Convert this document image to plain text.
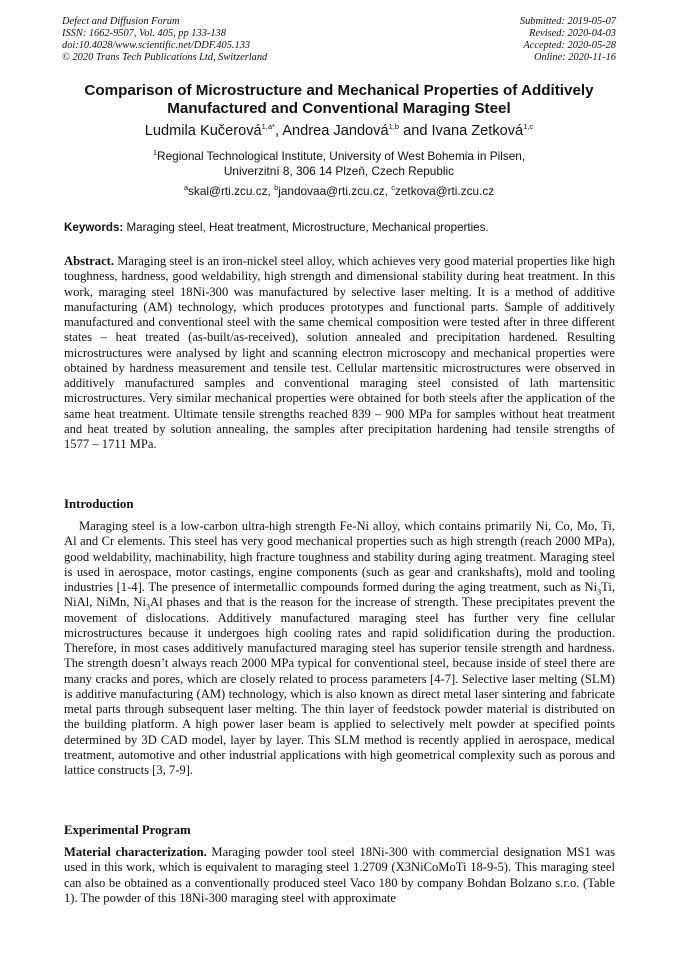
Defect and Diffusion Forum
ISSN: 1662-9507, Vol. 405, pp 133-138
doi:10.4028/www.scientific.net/DDF.405.133
© 2020 Trans Tech Publications Ltd, Switzerland
Submitted: 2019-05-07
Revised: 2020-04-03
Accepted: 2020-05-28
Online: 2020-11-16
Comparison of Microstructure and Mechanical Properties of Additively
Manufactured and Conventional Maraging Steel
Ludmila Kučerová$^{1,a*}$, Andrea Jandová$^{1,b}$ and Ivana Zetková$^{1,c}$
$^1$Regional Technological Institute, University of West Bohemia in Pilsen,
Univerzitní 8, 306 14 Plzeň, Czech Republic
$^a$skal@rti.zcu.cz, $^b$jandovaa@rti.zcu.cz, $^c$zetkova@rti.zcu.cz
Keywords: Maraging steel, Heat treatment, Microstructure, Mechanical properties.
Abstract. Maraging steel is an iron-nickel steel alloy, which achieves very good material properties like high toughness, hardness, good weldability, high strength and dimensional stability during heat treatment. In this work, maraging steel 18Ni-300 was manufactured by selective laser melting. It is a method of additive manufacturing (AM) technology, which produces prototypes and functional parts. Sample of additively manufactured and conventional steel with the same chemical composition were tested after in three different states – heat treated (as-built/as-received), solution annealed and precipitation hardened. Resulting microstructures were analysed by light and scanning electron microscopy and mechanical properties were obtained by hardness measurement and tensile test. Cellular martensitic microstructures were observed in additively manufactured samples and conventional maraging steel consisted of lath martensitic microstructures. Very similar mechanical properties were obtained for both steels after the application of the same heat treatment. Ultimate tensile strengths reached 839 – 900 MPa for samples without heat treatment and heat treated by solution annealing, the samples after precipitation hardening had tensile strengths of 1577 – 1711 MPa.
Introduction
Maraging steel is a low-carbon ultra-high strength Fe-Ni alloy, which contains primarily Ni, Co, Mo, Ti, Al and Cr elements. This steel has very good mechanical properties such as high strength (reach 2000 MPa), good weldability, machinability, high fracture toughness and stability during aging treatment. Maraging steel is used in aerospace, motor castings, engine components (such as gear and crankshafts), mold and tooling industries [1-4]. The presence of intermetallic compounds formed during the aging treatment, such as $Ni_3Ti$, NiAl, NiMn, $Ni_3Al$ phases and that is the reason for the increase of strength. These precipitates prevent the movement of dislocations. Additively manufactured maraging steel has further very fine cellular microstructures because it undergoes high cooling rates and rapid solidification during the production. Therefore, in most cases additively manufactured maraging steel has superior tensile strength and hardness. The strength doesn’t always reach 2000 MPa typical for conventional steel, because inside of steel there are many cracks and pores, which are closely related to process parameters [4-7]. Selective laser melting (SLM) is additive manufacturing (AM) technology, which is also known as direct metal laser sintering and fabricate metal parts through subsequent laser melting. The thin layer of feedstock powder material is distributed on the building platform. A high power laser beam is applied to selectively melt powder at specified points determined by 3D CAD model, layer by layer. This SLM method is recently applied in aerospace, medical treatment, automotive and other industrial applications with high geometrical complexity such as porous and lattice constructs [3, 7-9].
Experimental Program
Material characterization. Maraging powder tool steel 18Ni-300 with commercial designation MS1 was used in this work, which is equivalent to maraging steel 1.2709 (X3NiCoMoTi 18-9-5). This maraging steel can also be obtained as a conventionally produced steel Vaco 180 by company Bohdan Bolzano s.r.o. (Table 1). The powder of this 18Ni-300 maraging steel with approximate
